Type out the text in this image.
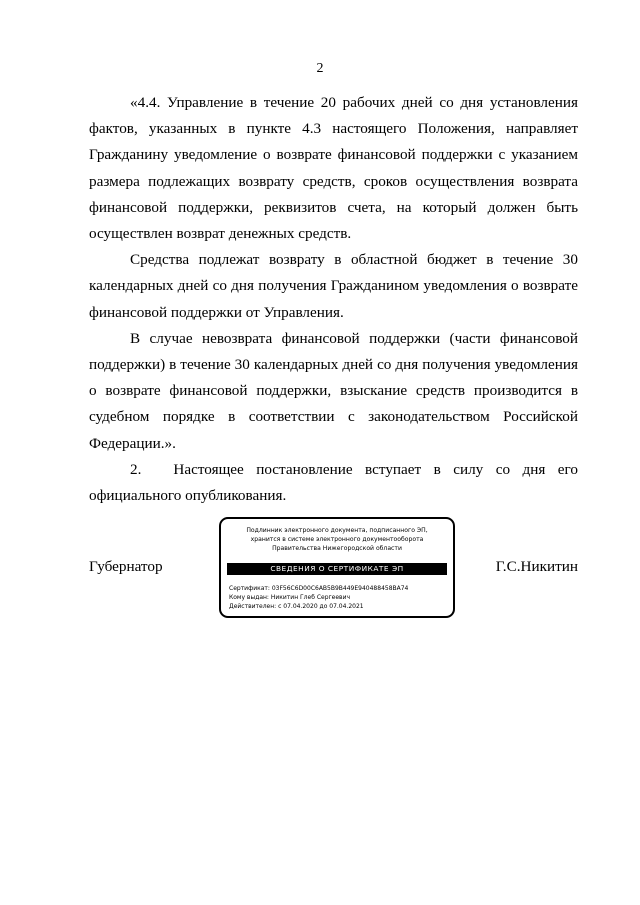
2

«4.4. Управление в течение 20 рабочих дней со дня установления фактов, указанных в пункте 4.3 настоящего Положения, направляет Гражданину уведомление о возврате финансовой поддержки с указанием размера подлежащих возврату средств, сроков осуществления возврата финансовой поддержки, реквизитов счета, на который должен быть осуществлен возврат денежных средств.

Средства подлежат возврату в областной бюджет в течение 30 календарных дней со дня получения Гражданином уведомления о возврате финансовой поддержки от Управления.

В случае невозврата финансовой поддержки (части финансовой поддержки) в течение 30 календарных дней со дня получения уведомления о возврате финансовой поддержки, взыскание средств производится в судебном порядке в соответствии с законодательством Российской Федерации.».

2. Настоящее постановление вступает в силу со дня его официального опубликования.

Губернатор	Г.С.Никитин
Подлинник электронного документа, подписанного ЭП,
хранится в системе электронного документооборота
Правительства Нижегородской области
СВЕДЕНИЯ О СЕРТИФИКАТЕ ЭП
Сертификат: 03F56C6D00C6AB5B9B449E940488458BA74
Кому выдан: Никитин Глеб Сергеевич
Действителен: с 07.04.2020 до 07.04.2021
